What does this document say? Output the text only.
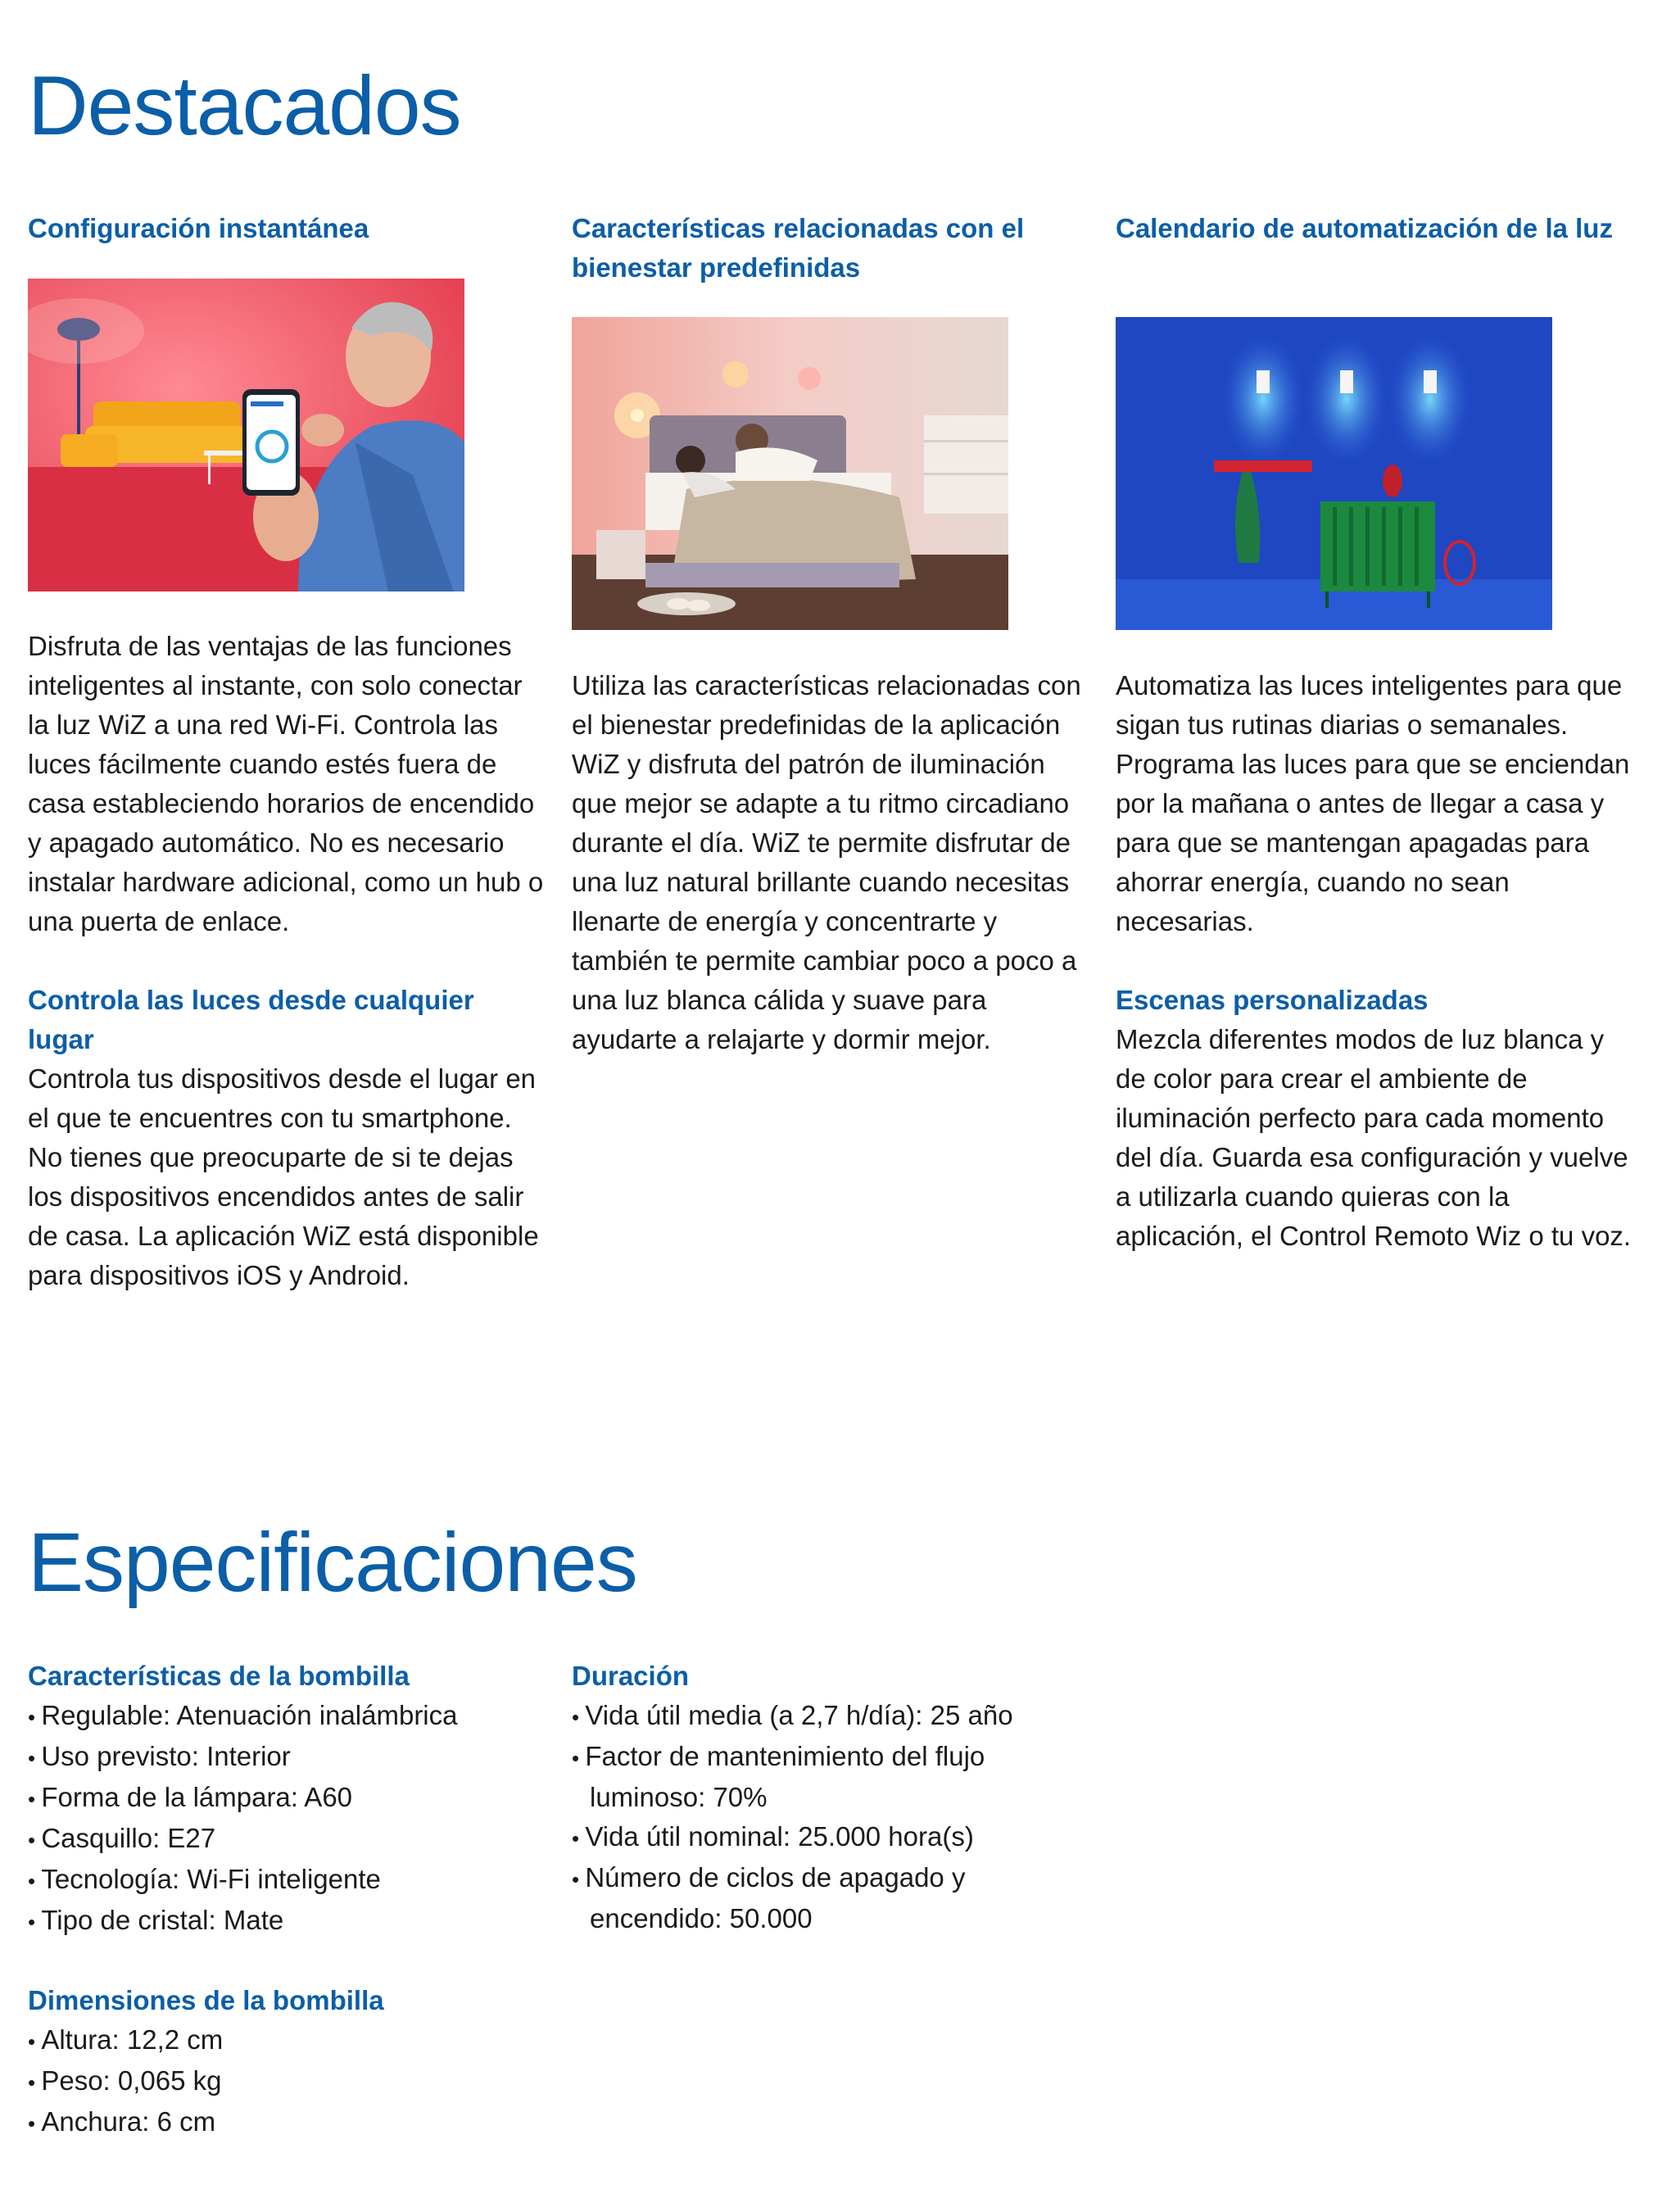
Destacados

Configuración instantánea

Disfruta de las ventajas de las funciones inteligentes al instante, con solo conectar la luz WiZ a una red Wi-Fi. Controla las luces fácilmente cuando estés fuera de casa estableciendo horarios de encendido y apagado automático. No es necesario instalar hardware adicional, como un hub o una puerta de enlace.

Controla las luces desde cualquier lugar

Controla tus dispositivos desde el lugar en el que te encuentres con tu smartphone. No tienes que preocuparte de si te dejas los dispositivos encendidos antes de salir de casa. La aplicación WiZ está disponible para dispositivos iOS y Android.

Características relacionadas con el bienestar predefinidas

Utiliza las características relacionadas con el bienestar predefinidas de la aplicación WiZ y disfruta del patrón de iluminación que mejor se adapte a tu ritmo circadiano durante el día. WiZ te permite disfrutar de una luz natural brillante cuando necesitas llenarte de energía y concentrarte y también te permite cambiar poco a poco a una luz blanca cálida y suave para ayudarte a relajarte y dormir mejor.

Calendario de automatización de la luz

Automatiza las luces inteligentes para que sigan tus rutinas diarias o semanales. Programa las luces para que se enciendan por la mañana o antes de llegar a casa y para que se mantengan apagadas para ahorrar energía, cuando no sean necesarias.

Escenas personalizadas

Mezcla diferentes modos de luz blanca y de color para crear el ambiente de iluminación perfecto para cada momento del día. Guarda esa configuración y vuelve a utilizarla cuando quieras con la aplicación, el Control Remoto Wiz o tu voz.

Especificaciones

Características de la bombilla

• Regulable: Atenuación inalámbrica
• Uso previsto: Interior
• Forma de la lámpara: A60
• Casquillo: E27
• Tecnología: Wi-Fi inteligente
• Tipo de cristal: Mate

Dimensiones de la bombilla

• Altura: 12,2 cm
• Peso: 0,065 kg
• Anchura: 6 cm

Duración

• Vida útil media (a 2,7 h/día): 25 año
• Factor de mantenimiento del flujo luminoso: 70%
• Vida útil nominal: 25.000 hora(s)
• Número de ciclos de apagado y encendido: 50.000
